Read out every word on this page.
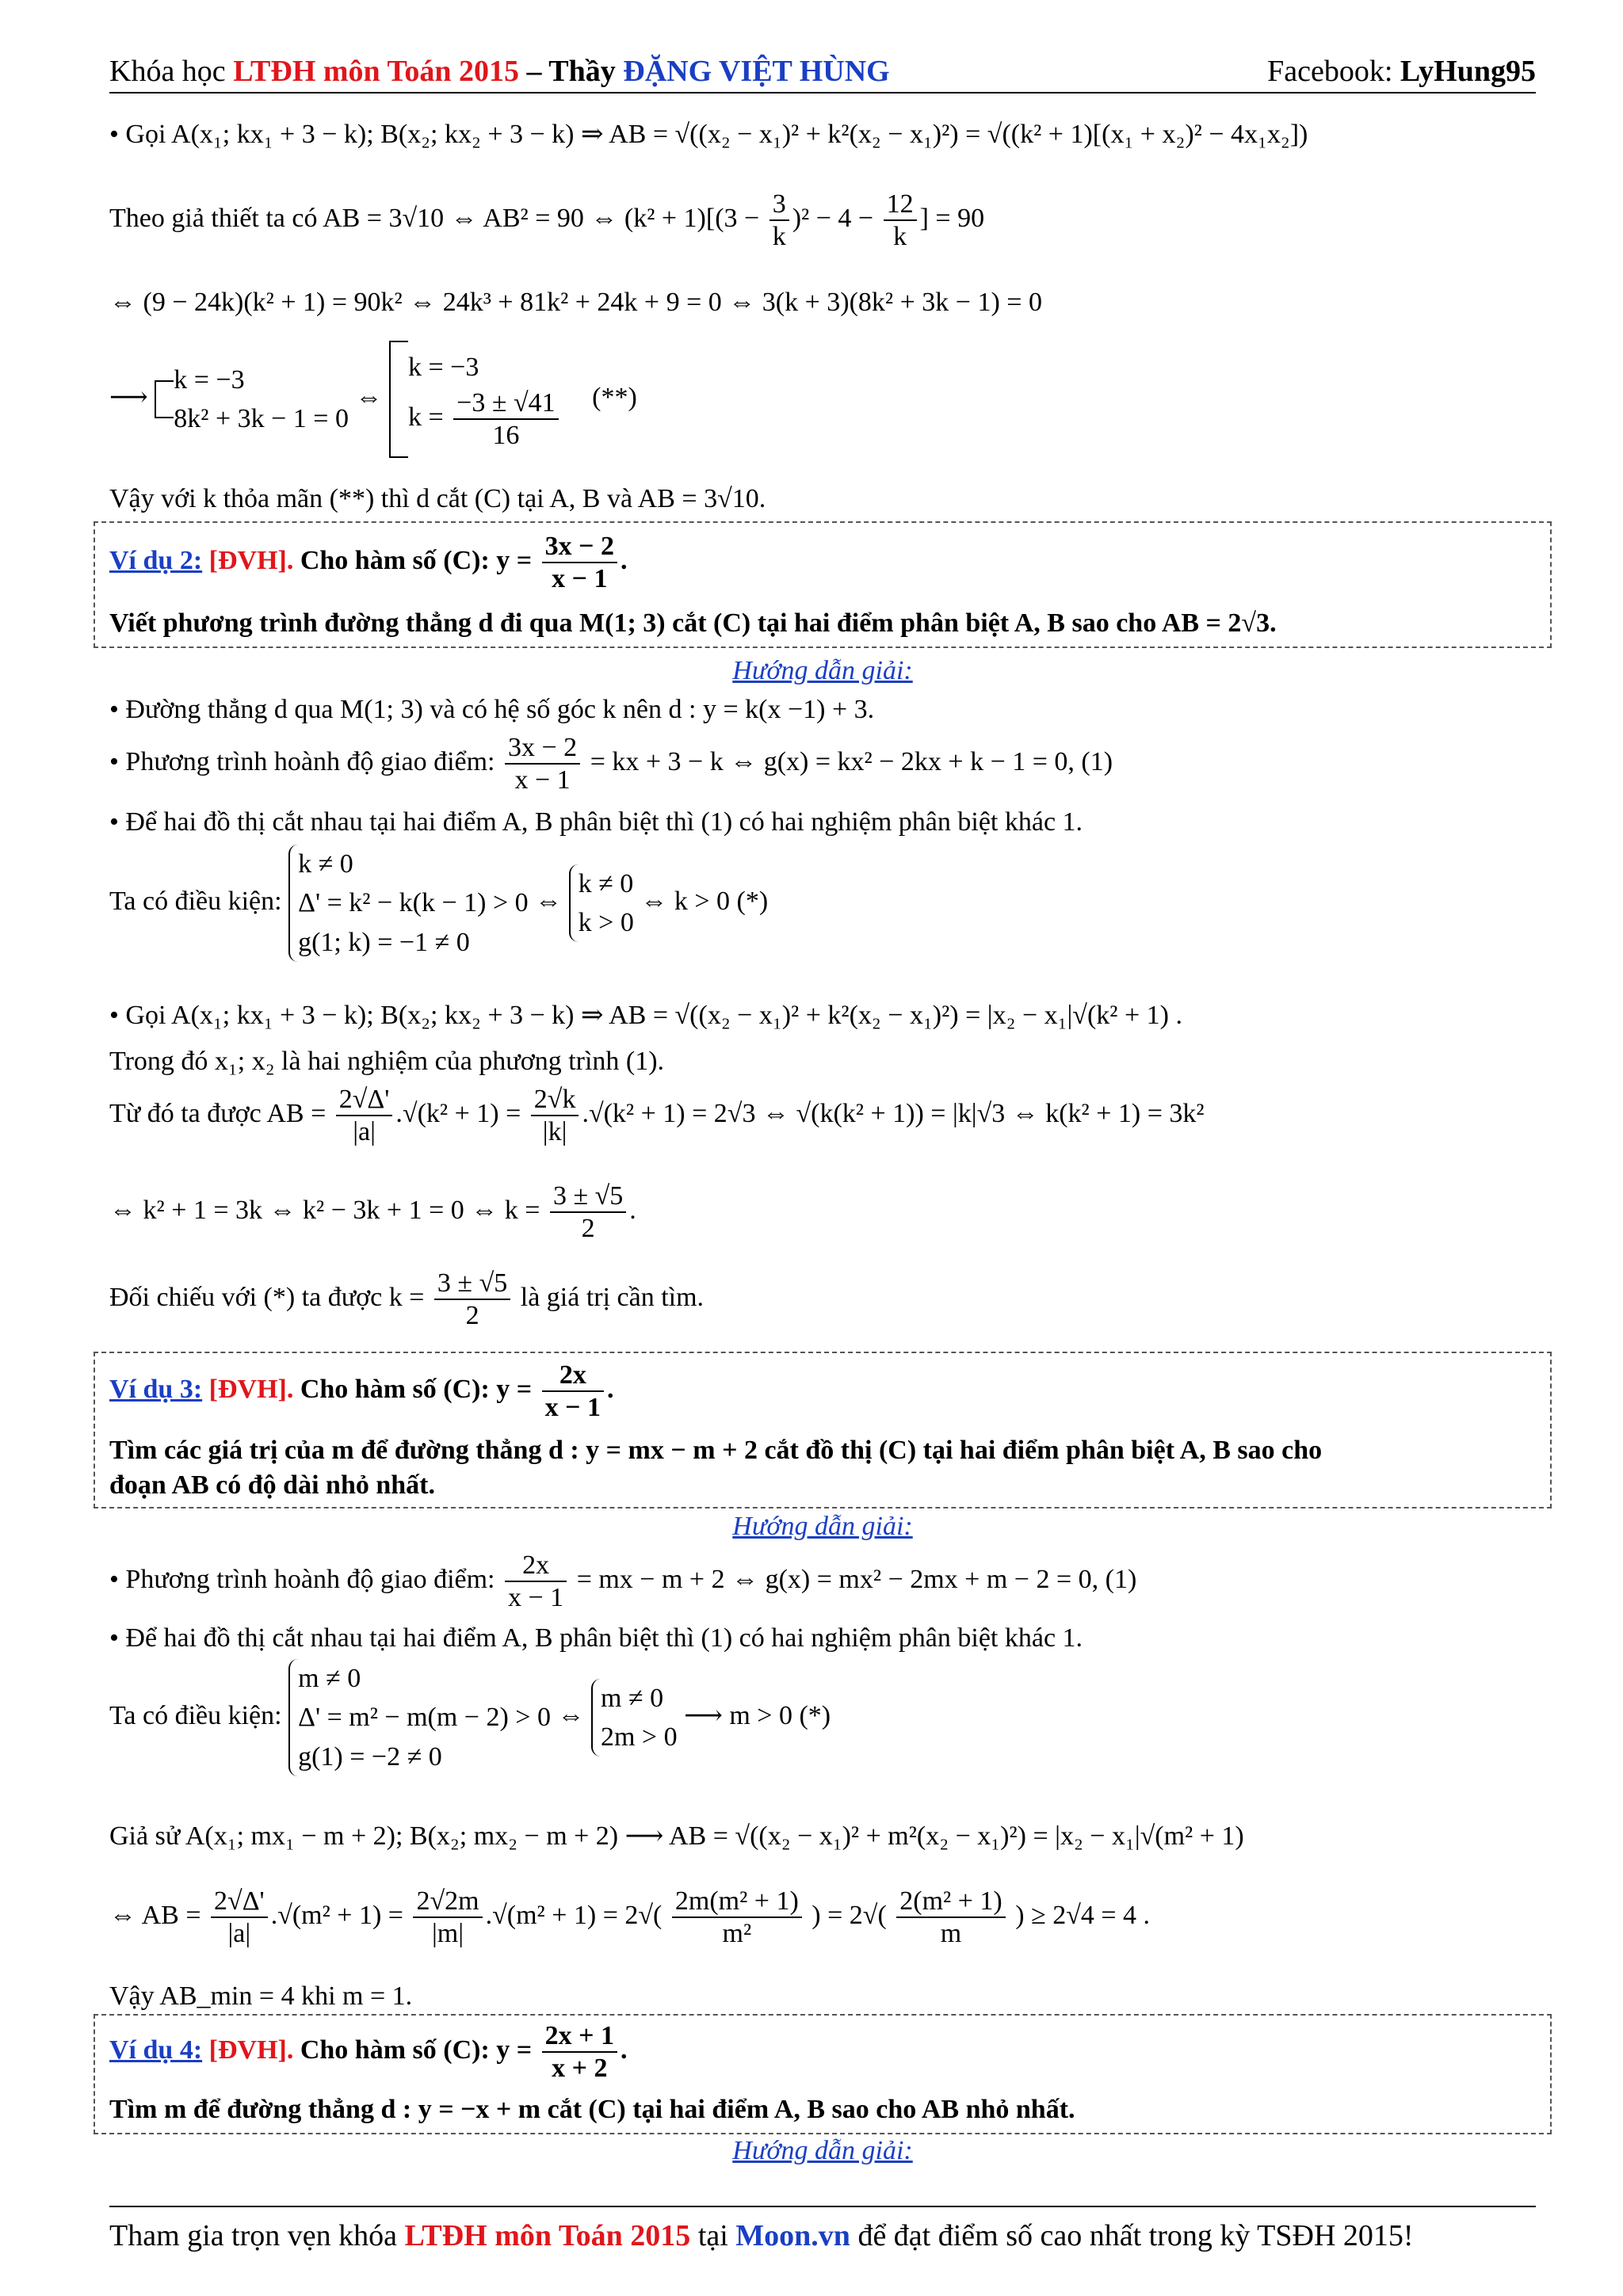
Khóa học LTĐH môn Toán 2015 – Thầy ĐẶNG VIỆT HÙNG	Facebook: LyHung95
• Gọi A(x₁; kx₁ + 3 − k); B(x₂; kx₂ + 3 − k) ⇒ AB = √((x₂ − x₁)² + k²(x₂ − x₁)²) = √((k² + 1)[(x₁ + x₂)² − 4x₁x₂])
Theo giả thiết ta có AB = 3√10 ⇔ AB² = 90 ⇔ $(k^2 + 1)[(3 - \frac{3}{k} )^2 - 4 - \frac{12}{k}$ ] = 90
⇔ (9 − 24k)(k² + 1) = 90k² ⇔ 24k³ + 81k² + 24k + 9 = 0 ⇔ 3(k + 3)(8k² + 3k − 1) = 0
⟶
k = −3
8k² + 3k − 1 = 0
⇔
k = −3
$k = \frac{-3 \pm √41}{16}$ (**)
Vậy với k thỏa mãn (**) thì d cắt (C) tại A, B và AB = 3√10.
Ví dụ 2: [ĐVH]. Cho hàm số (C): $y = \frac{3x - 2}{x - 1}$ .
Viết phương trình đường thẳng d đi qua M(1; 3) cắt (C) tại hai điểm phân biệt A, B sao cho AB = 2√3.
Hướng dẫn giải:
• Đường thẳng d qua M(1; 3) và có hệ số góc k nên d : y = k(x −1) + 3.
• Phương trình hoành độ giao điểm: $\frac{3x - 2}{x - 1}$ = kx + 3 − k ⇔ g(x) = kx² − 2kx + k − 1 = 0, (1)
• Để hai đồ thị cắt nhau tại hai điểm A, B phân biệt thì (1) có hai nghiệm phân biệt khác 1.
Ta có điều kiện:
k ≠ 0
Δ' = k² − k(k − 1) > 0
g(1; k) = −1 ≠ 0
⇔
k ≠ 0
k > 0
⇔ k > 0 (*)
• Gọi A(x₁; kx₁ + 3 − k); B(x₂; kx₂ + 3 − k) ⇒ AB = √((x₂ − x₁)² + k²(x₂ − x₁)²) = |x₂ − x₁|√(k² + 1) .
Trong đó x₁; x₂ là hai nghiệm của phương trình (1).
Từ đó ta được AB = $\frac{2√\Delta'}{|a|} .√(k^2 + 1) = \frac{2√k}{|k|} .√(k^2 + 1) = 2√3$ ⇔ √(k(k² + 1)) = |k|√3 ⇔ k(k² + 1) = 3k²
⇔ k² + 1 = 3k ⇔ k² − 3k + 1 = 0 ⇔ $k = \frac{3 \pm √5}{2}$ .
Đối chiếu với (*) ta được $k = \frac{3 \pm √5}{2}$ là giá trị cần tìm.
Ví dụ 3: [ĐVH]. Cho hàm số (C): $y = \frac{2x}{x - 1}$ .
Tìm các giá trị của m để đường thẳng d : y = mx − m + 2 cắt đồ thị (C) tại hai điểm phân biệt A, B sao cho
đoạn AB có độ dài nhỏ nhất.
Hướng dẫn giải:
• Phương trình hoành độ giao điểm: $\frac{2x}{x - 1}$ = mx − m + 2 ⇔ g(x) = mx² − 2mx + m − 2 = 0, (1)
• Để hai đồ thị cắt nhau tại hai điểm A, B phân biệt thì (1) có hai nghiệm phân biệt khác 1.
Ta có điều kiện:
m ≠ 0
Δ' = m² − m(m − 2) > 0
g(1) = −2 ≠ 0
⇔
m ≠ 0
2m > 0
⟶ m > 0 (*)
Giả sử A(x₁; mx₁ − m + 2); B(x₂; mx₂ − m + 2) ⟶ AB = √((x₂ − x₁)² + m²(x₂ − x₁)²) = |x₂ − x₁|√(m² + 1)
⇔ AB = $\frac{2√\Delta'}{|a|} .√(m^2 + 1) = \frac{2√2m}{|m|} .√(m^2 + 1) = 2√( \frac{\text{2m(m² + 1)}}{\text{m²}}$ ) = $2√( \frac{\text{2(m² + 1)}}{m}$ ) ≥ 2√4 = 4 .
Vậy AB_min = 4 khi m = 1.
Ví dụ 4: [ĐVH]. Cho hàm số (C): $y = \frac{2x + 1}{x + 2}$ .
Tìm m để đường thẳng d : y = −x + m cắt (C) tại hai điểm A, B sao cho AB nhỏ nhất.
Hướng dẫn giải:
Tham gia trọn vẹn khóa LTĐH môn Toán 2015 tại Moon.vn để đạt điểm số cao nhất trong kỳ TSĐH 2015!
